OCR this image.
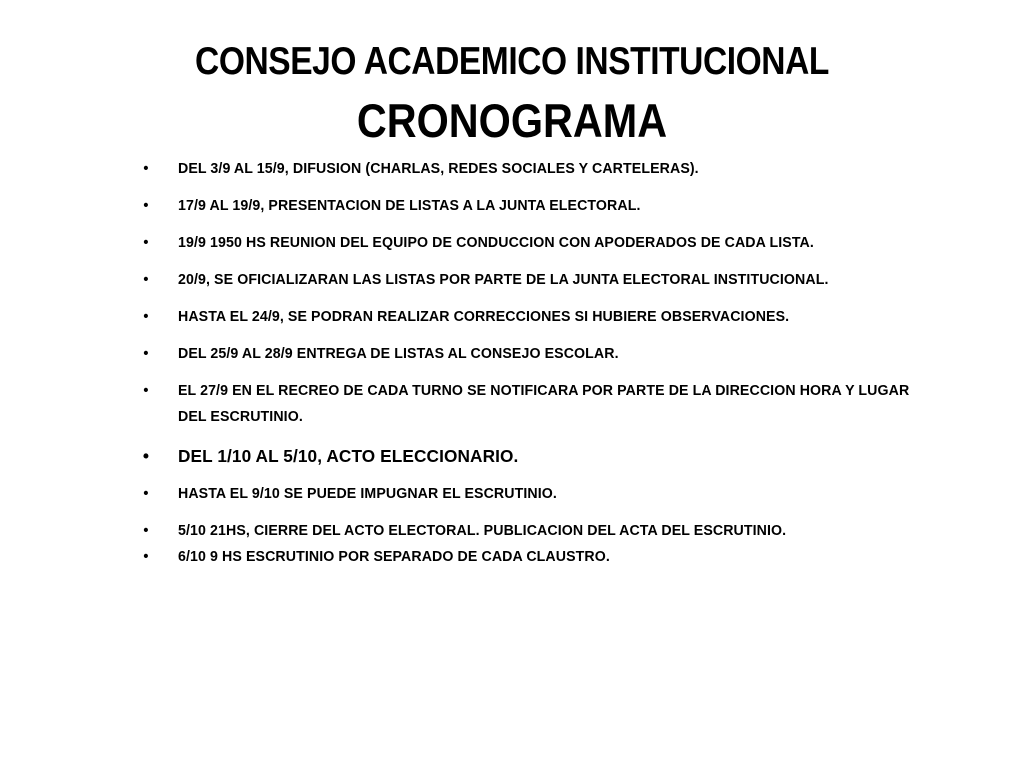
CONSEJO ACADEMICO INSTITUCIONAL
CRONOGRAMA
• DEL 3/9 AL 15/9, DIFUSION (CHARLAS, REDES SOCIALES Y CARTELERAS).
• 17/9 AL 19/9, PRESENTACION DE LISTAS A LA JUNTA ELECTORAL.
• 19/9 1950 HS REUNION DEL EQUIPO DE CONDUCCION CON APODERADOS DE CADA LISTA.
• 20/9, SE OFICIALIZARAN LAS LISTAS POR PARTE DE LA JUNTA ELECTORAL INSTITUCIONAL.
• HASTA EL 24/9, SE PODRAN REALIZAR CORRECCIONES SI HUBIERE OBSERVACIONES.
• DEL 25/9 AL 28/9 ENTREGA DE LISTAS AL CONSEJO ESCOLAR.
• EL 27/9 EN EL RECREO DE CADA TURNO SE NOTIFICARA POR PARTE DE LA DIRECCION HORA Y LUGAR DEL ESCRUTINIO.
• DEL 1/10 AL 5/10, ACTO ELECCIONARIO.
• HASTA EL 9/10 SE PUEDE IMPUGNAR EL ESCRUTINIO.
• 5/10 21HS, CIERRE DEL ACTO ELECTORAL. PUBLICACION DEL ACTA DEL ESCRUTINIO.
• 6/10 9 HS ESCRUTINIO POR SEPARADO DE CADA CLAUSTRO.
